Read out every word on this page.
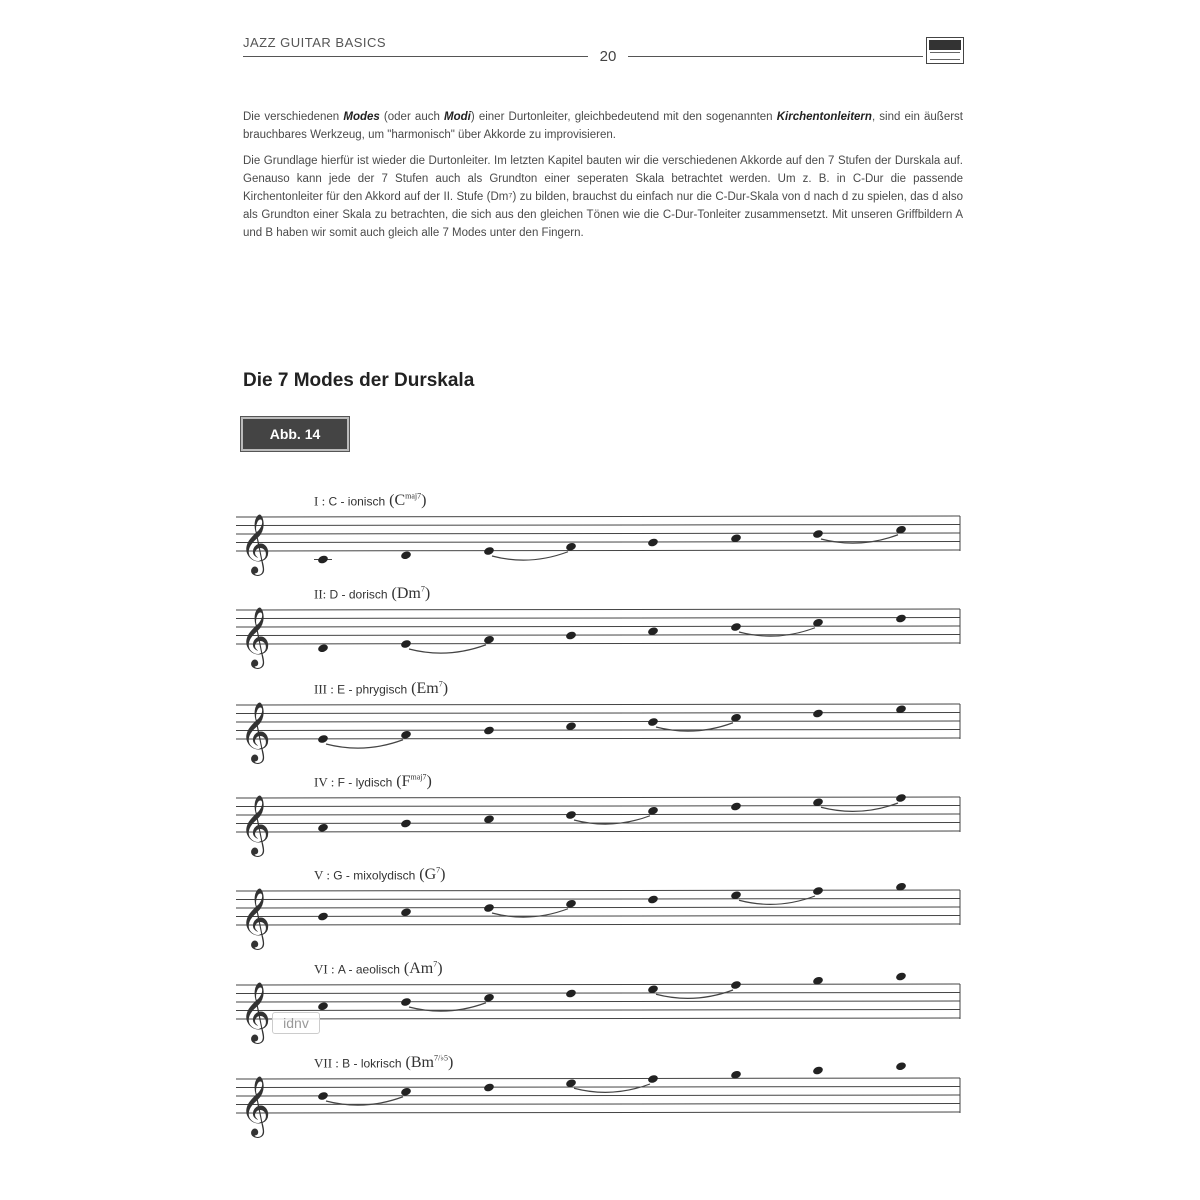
JAZZ GUITAR BASICS
20

Die verschiedenen Modes (oder auch Modi) einer Durtonleiter, gleichbedeutend mit den sogenannten Kirchentonleitern, sind ein äußerst brauchbares Werkzeug, um "harmonisch" über Akkorde zu improvisieren.

Die Grundlage hierfür ist wieder die Durtonleiter. Im letzten Kapitel bauten wir die verschiedenen Akkorde auf den 7 Stufen der Durskala auf. Genauso kann jede der 7 Stufen auch als Grundton einer seperaten Skala betrachtet werden. Um z. B. in C-Dur die passende Kirchentonleiter für den Akkord auf der II. Stufe (Dm⁷) zu bilden, brauchst du einfach nur die C-Dur-Skala von d nach d zu spielen, das d also als Grundton einer Skala zu betrachten, die sich aus den gleichen Tönen wie die C-Dur-Tonleiter zusammensetzt. Mit unseren Griffbildern A und B haben wir somit auch gleich alle 7 Modes unter den Fingern.

Die 7 Modes der Durskala
Abb. 14
I : C - ionisch $(C^{maj7})$
𝄞
II: D - dorisch (Dm$^7$)
𝄞
III : E - phrygisch (Em$^7$)
𝄞
IV : F - lydisch $(F^{maj7})$
𝄞
V : G - mixolydisch $(G^7)$
𝄞
VI : A - aeolisch (Am$^7$)
𝄞
VII : B - lokrisch $(Bm^{7/♭5})$
𝄞
idnv
